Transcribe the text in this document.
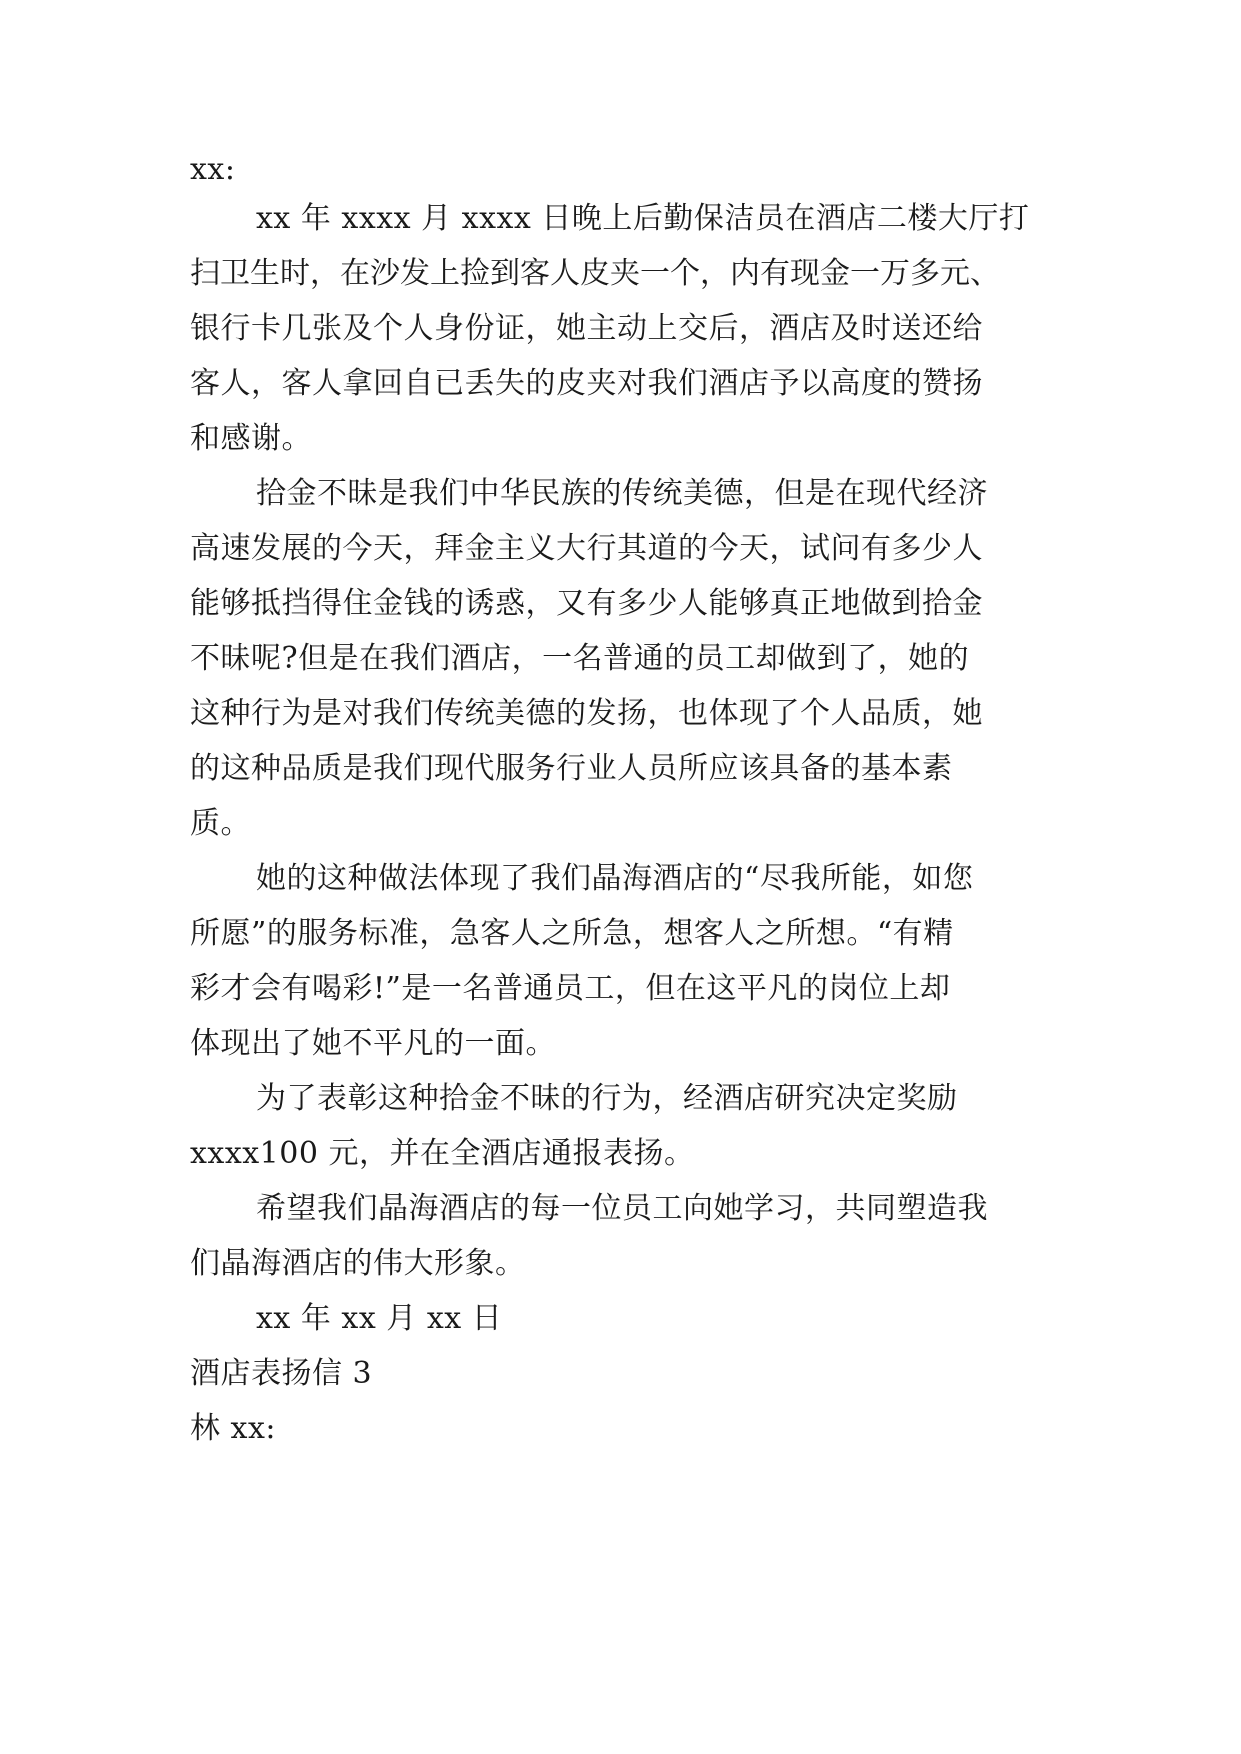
xx:
xx 年 xxxx 月 xxxx 日晚上后勤保洁员在酒店二楼大厅打
扫卫生时，在沙发上捡到客人皮夹一个，内有现金一万多元、
银行卡几张及个人身份证，她主动上交后，酒店及时送还给
客人，客人拿回自已丢失的皮夹对我们酒店予以高度的赞扬
和感谢。
拾金不昧是我们中华民族的传统美德，但是在现代经济
高速发展的今天，拜金主义大行其道的今天，试问有多少人
能够抵挡得住金钱的诱惑，又有多少人能够真正地做到拾金
不昧呢?但是在我们酒店，一名普通的员工却做到了，她的
这种行为是对我们传统美德的发扬，也体现了个人品质，她
的这种品质是我们现代服务行业人员所应该具备的基本素
质。
她的这种做法体现了我们晶海酒店的“尽我所能，如您
所愿”的服务标准，急客人之所急，想客人之所想。“有精
彩才会有喝彩!”是一名普通员工，但在这平凡的岗位上却
体现出了她不平凡的一面。
为了表彰这种拾金不昧的行为，经酒店研究决定奖励
xxxx100 元，并在全酒店通报表扬。
希望我们晶海酒店的每一位员工向她学习，共同塑造我
们晶海酒店的伟大形象。
xx 年 xx 月 xx 日
酒店表扬信 3
林 xx:
